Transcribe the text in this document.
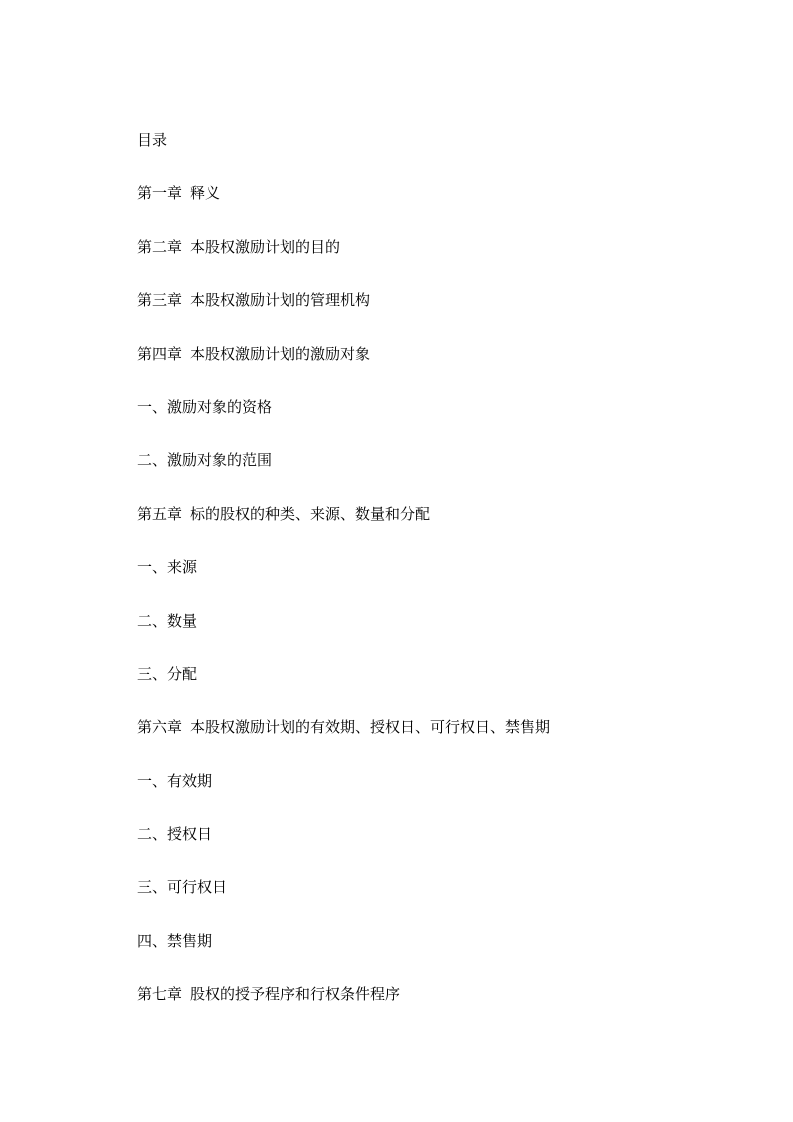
目录
第一章 释义
第二章 本股权激励计划的目的
第三章 本股权激励计划的管理机构
第四章 本股权激励计划的激励对象
一、激励对象的资格
二、激励对象的范围
第五章 标的股权的种类、来源、数量和分配
一、来源
二、数量
三、分配
第六章 本股权激励计划的有效期、授权日、可行权日、禁售期
一、有效期
二、授权日
三、可行权日
四、禁售期
第七章 股权的授予程序和行权条件程序
